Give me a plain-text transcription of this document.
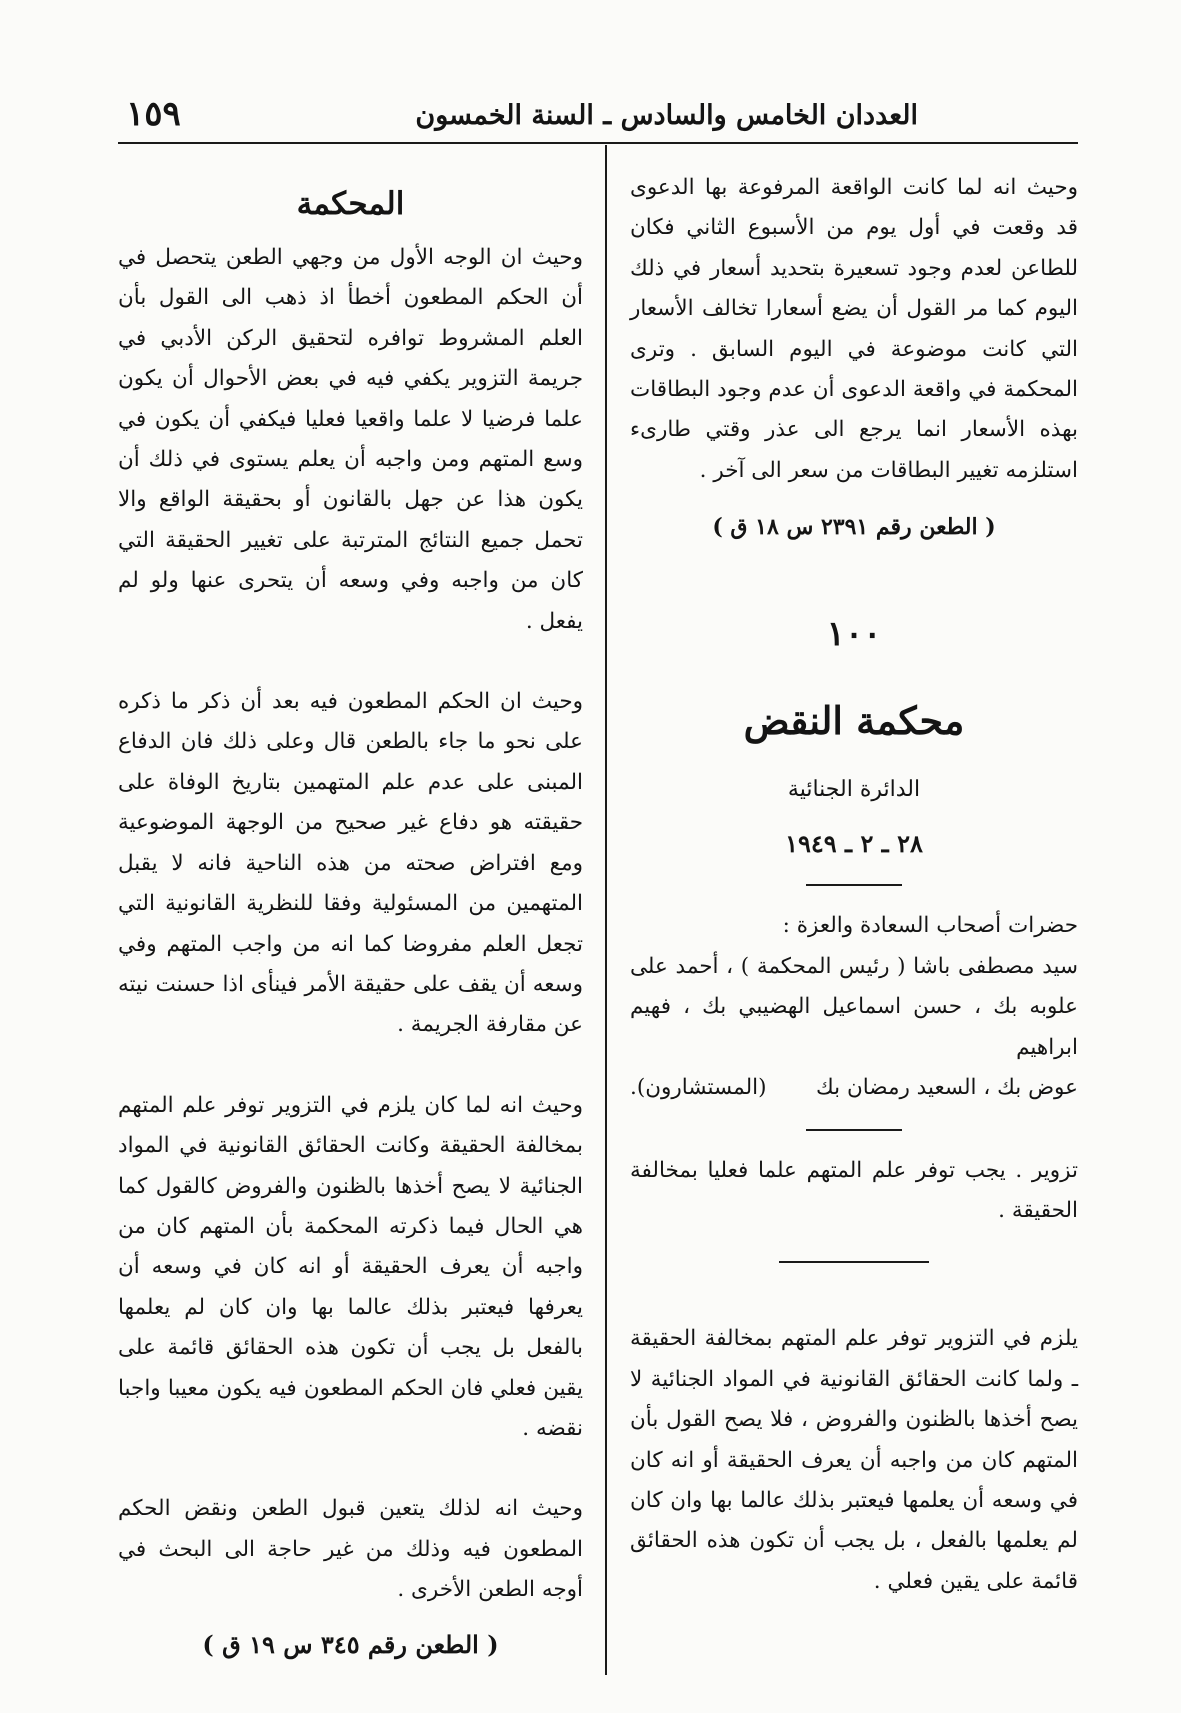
١٥٩	العددان الخامس والسادس ـ السنة الخمسون
المحكمة

وحيث ان الوجه الأول من وجهي الطعن يتحصل في أن الحكم المطعون أخطأ اذ ذهب الى القول بأن العلم المشروط توافره لتحقيق الركن الأدبي في جريمة التزوير يكفي فيه في بعض الأحوال أن يكون علما فرضيا لا علما واقعيا فعليا فيكفي أن يكون في وسع المتهم ومن واجبه أن يعلم يستوى في ذلك أن يكون هذا عن جهل بالقانون أو بحقيقة الواقع والا تحمل جميع النتائج المترتبة على تغيير الحقيقة التي كان من واجبه وفي وسعه أن يتحرى عنها ولو لم يفعل .

وحيث ان الحكم المطعون فيه بعد أن ذكر ما ذكره على نحو ما جاء بالطعن قال وعلى ذلك فان الدفاع المبنى على عدم علم المتهمين بتاريخ الوفاة على حقيقته هو دفاع غير صحيح من الوجهة الموضوعية ومع افتراض صحته من هذه الناحية فانه لا يقبل المتهمين من المسئولية وفقا للنظرية القانونية التي تجعل العلم مفروضا كما انه من واجب المتهم وفي وسعه أن يقف على حقيقة الأمر فينأى اذا حسنت نيته عن مقارفة الجريمة .

وحيث انه لما كان يلزم في التزوير توفر علم المتهم بمخالفة الحقيقة وكانت الحقائق القانونية في المواد الجنائية لا يصح أخذها بالظنون والفروض كالقول كما هي الحال فيما ذكرته المحكمة بأن المتهم كان من واجبه أن يعرف الحقيقة أو انه كان في وسعه أن يعرفها فيعتبر بذلك عالما بها وان كان لم يعلمها بالفعل بل يجب أن تكون هذه الحقائق قائمة على يقين فعلي فان الحكم المطعون فيه يكون معيبا واجبا نقضه .

وحيث انه لذلك يتعين قبول الطعن ونقض الحكم المطعون فيه وذلك من غير حاجة الى البحث في أوجه الطعن الأخرى .

( الطعن رقم ٣٤٥ س ١٩ ق )

وحيث انه لما كانت الواقعة المرفوعة بها الدعوى قد وقعت في أول يوم من الأسبوع الثاني فكان للطاعن لعدم وجود تسعيرة بتحديد أسعار في ذلك اليوم كما مر القول أن يضع أسعارا تخالف الأسعار التي كانت موضوعة في اليوم السابق . وترى المحكمة في واقعة الدعوى أن عدم وجود البطاقات بهذه الأسعار انما يرجع الى عذر وقتي طارىء استلزمه تغيير البطاقات من سعر الى آخر .

( الطعن رقم ٢٣٩١ س ١٨ ق )
١٠٠
محكمة النقض
الدائرة الجنائية
٢٨ ـ ٢ ـ ١٩٤٩

حضرات أصحاب السعادة والعزة :

سيد مصطفى باشا ( رئيس المحكمة ) ، أحمد على علوبه بك ، حسن اسماعيل الهضيبي بك ، فهيم ابراهيم

عوض بك ، السعيد رمضان بك
(المستشارون).

تزوير . يجب توفر علم المتهم علما فعليا بمخالفة الحقيقة .

يلزم في التزوير توفر علم المتهم بمخالفة الحقيقة ـ ولما كانت الحقائق القانونية في المواد الجنائية لا يصح أخذها بالظنون والفروض ، فلا يصح القول بأن المتهم كان من واجبه أن يعرف الحقيقة أو انه كان في وسعه أن يعلمها فيعتبر بذلك عالما بها وان كان لم يعلمها بالفعل ، بل يجب أن تكون هذه الحقائق قائمة على يقين فعلي .
